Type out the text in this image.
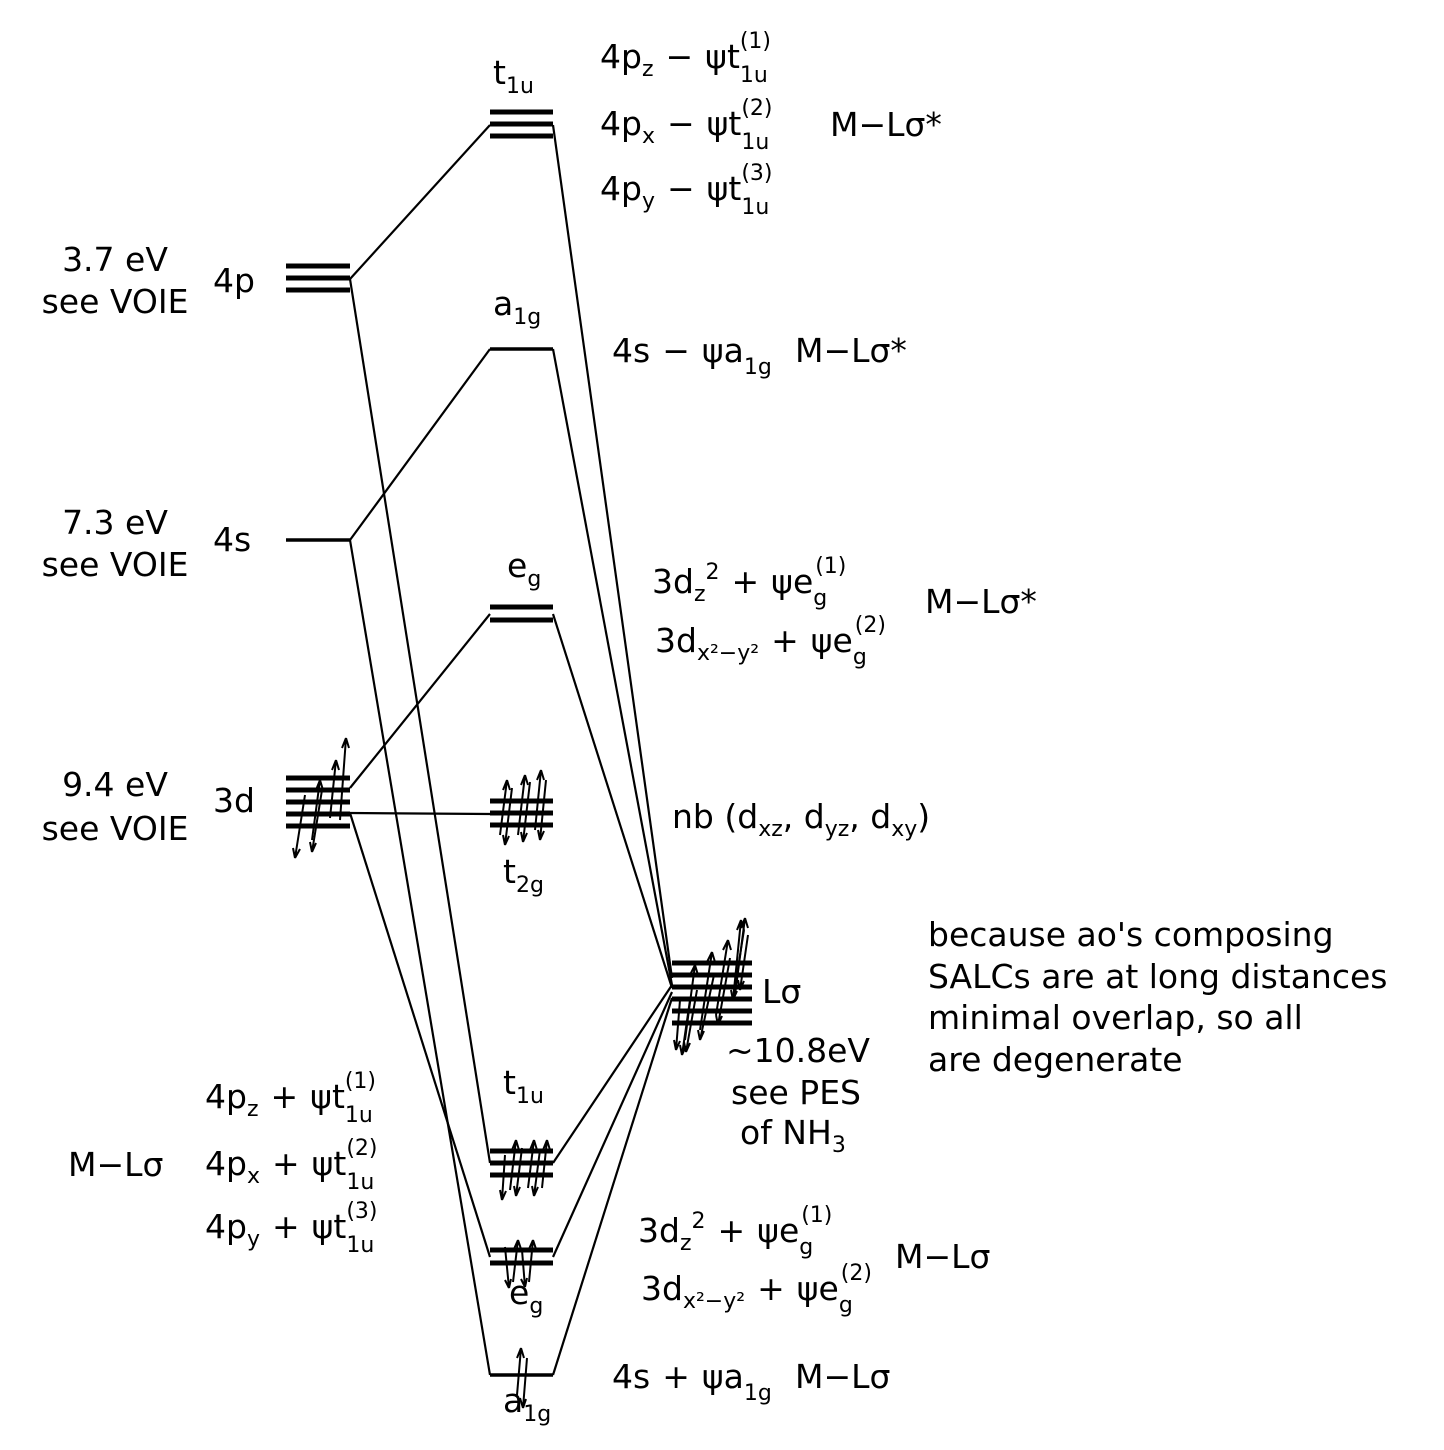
3.7 eV
see VOIE
4p
7.3 eV
see VOIE
4s
9.4 eV
see VOIE
3d
$t_{1u}$
$a_{1g}$
$e_g$
$t_{2g}$
$t_{1u}$
$e_g$
$a_{1g}$
$4p_z - \psi t_{1u}(1)$
$4p_x - \psi t_{1u}(2)$
$4p_y - \psi t_{1u}(3)$
M−Lσ*
$4s - \psi a_{1g}$ M−Lσ*
$3d_z^2 + \psi e_g(1)$
$3d_{x^2-y^2} + \psi e_g(2)$
M−Lσ*
nb ($d_{xz}$, $d_{yz}$, $d_{xy}$)
Lσ
~10.8eV
see PES
of $NH_3$
because ao's composing
SALCs are at long distances
minimal overlap, so all
are degenerate
$4p_z + \psi t_{1u}(1)$
$4p_x + \psi t_{1u}(2)$
$4p_y + \psi t_{1u}(3)$
M−Lσ
$3d_z^2 + \psi e_g(1)$
$3d_{x^2-y^2} + \psi e_g(2)$ M−Lσ
$4s + \psi a_{1g}$ M−Lσ
